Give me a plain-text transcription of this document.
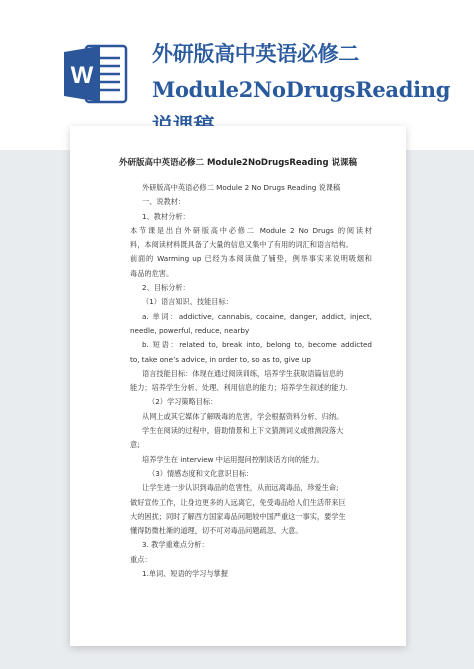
W
外研版高中英语必修二Module2NoDrugsReading
外研版高中英语必修二 Module2NoDrugsReading 说课稿
外研版高中英语必修二 Module 2 No Drugs Reading 说课稿
一、说教材：
1、教材分析：
本节课是出自外研版高中必修二 Module 2 No Drugs 的阅读材
料，本阅读材料既具备了大量的信息又集中了有用的词汇和语言结构。
前面的 Warming up 已经为本阅读做了铺垫，例举事实来说明吸烟和
毒品的危害。
2、目标分析：
（1）语言知识、技能目标：
a. 单词：addictive, cannabis, cocaine, danger, addict, inject,
needle, powerful, reduce, nearby
b. 短语：related to, break into, belong to, become addicted
to, take one’s advice, in order to, so as to, give up
语言技能目标：体现在通过阅读训练，培养学生获取语篇信息的
能力；培养学生分析、处理、利用信息的能力；培养学生叙述的能力.
（2）学习策略目标：
从网上或其它媒体了解吸毒的危害，学会根据资料分析、归纳。
学生在阅读的过程中，借助情景和上下文猜测词义或推测段落大
意;
培养学生在 interview 中运用提问控制谈话方向的能力。
（3）情感态度和文化意识目标：
让学生进一步认识到毒品的危害性，从而远离毒品，珍爱生命;
做好宣传工作，让身边更多的人远离它，免受毒品给人们生活带来巨
大的困扰；同时了解西方国家毒品问题较中国严重这一事实，要学生
懂得防微杜渐的道理，切不可对毒品问题疏忽、大意。
3. 教学重难点分析：
重点：
1.单词、短语的学习与掌握
